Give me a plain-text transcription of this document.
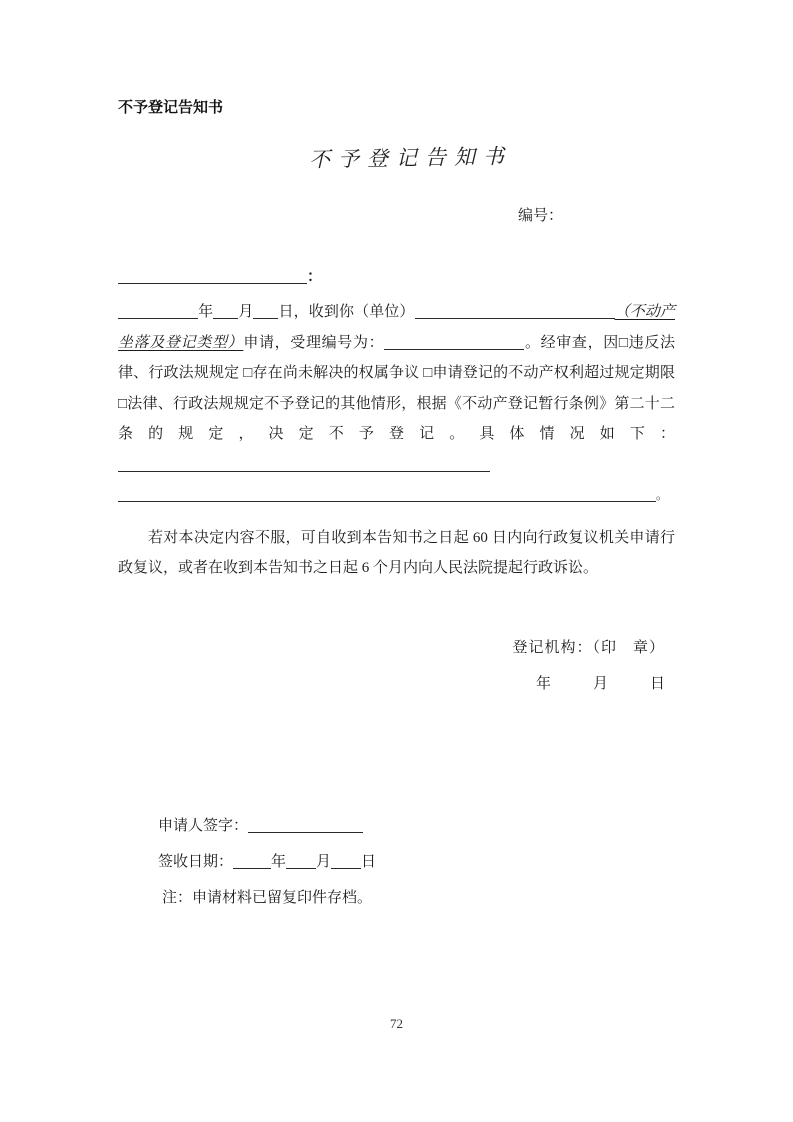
不予登记告知书
不予登记告知书
编号：
：

年 月 日，收到你（单位）	（不动产坐落及登记类型）申请，受理编号为：	。经审查，因□违反法律、行政法规规定 □存在尚未解决的权属争议 □申请登记的不动产权利超过规定期限 □法律、行政法规规定不予登记的其他情形，根据《不动产登记暂行条例》第二十二条的规定，决定不予登记。具体情况如下：。

若对本决定内容不服，可自收到本告知书之日起 60 日内向行政复议机关申请行政复议，或者在收到本告知书之日起 6 个月内向人民法院提起行政诉讼。

登记机构：（印　章）
年	月	日
申请人签字：
签收日期：	年 月 日
注：申请材料已留复印件存档。
72
